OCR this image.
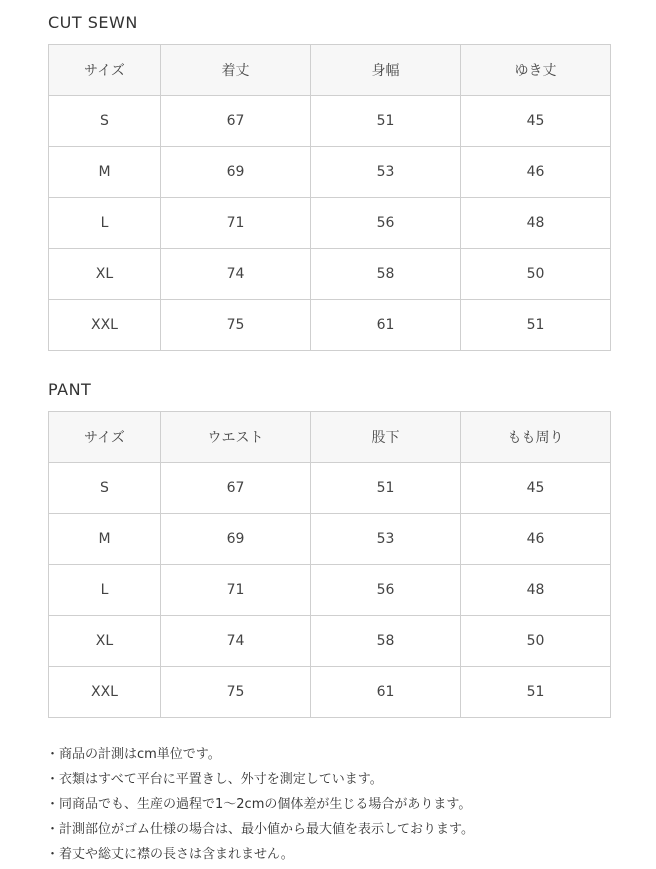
CUT SEWN
サイズ	着丈	身幅	ゆき丈
S	67	51	45
M	69	53	46
L	71	56	48
XL	74	58	50
XXL	75	61	51
PANT
サイズ	ウエスト	股下	もも周り
S	67	51	45
M	69	53	46
L	71	56	48
XL	74	58	50
XXL	75	61	51
・商品の計測はcm単位です。
・衣類はすべて平台に平置きし、外寸を測定しています。
・同商品でも、生産の過程で1～2cmの個体差が生じる場合があります。
・計測部位がゴム仕様の場合は、最小値から最大値を表示しております。
・着丈や総丈に襟の長さは含まれません。
